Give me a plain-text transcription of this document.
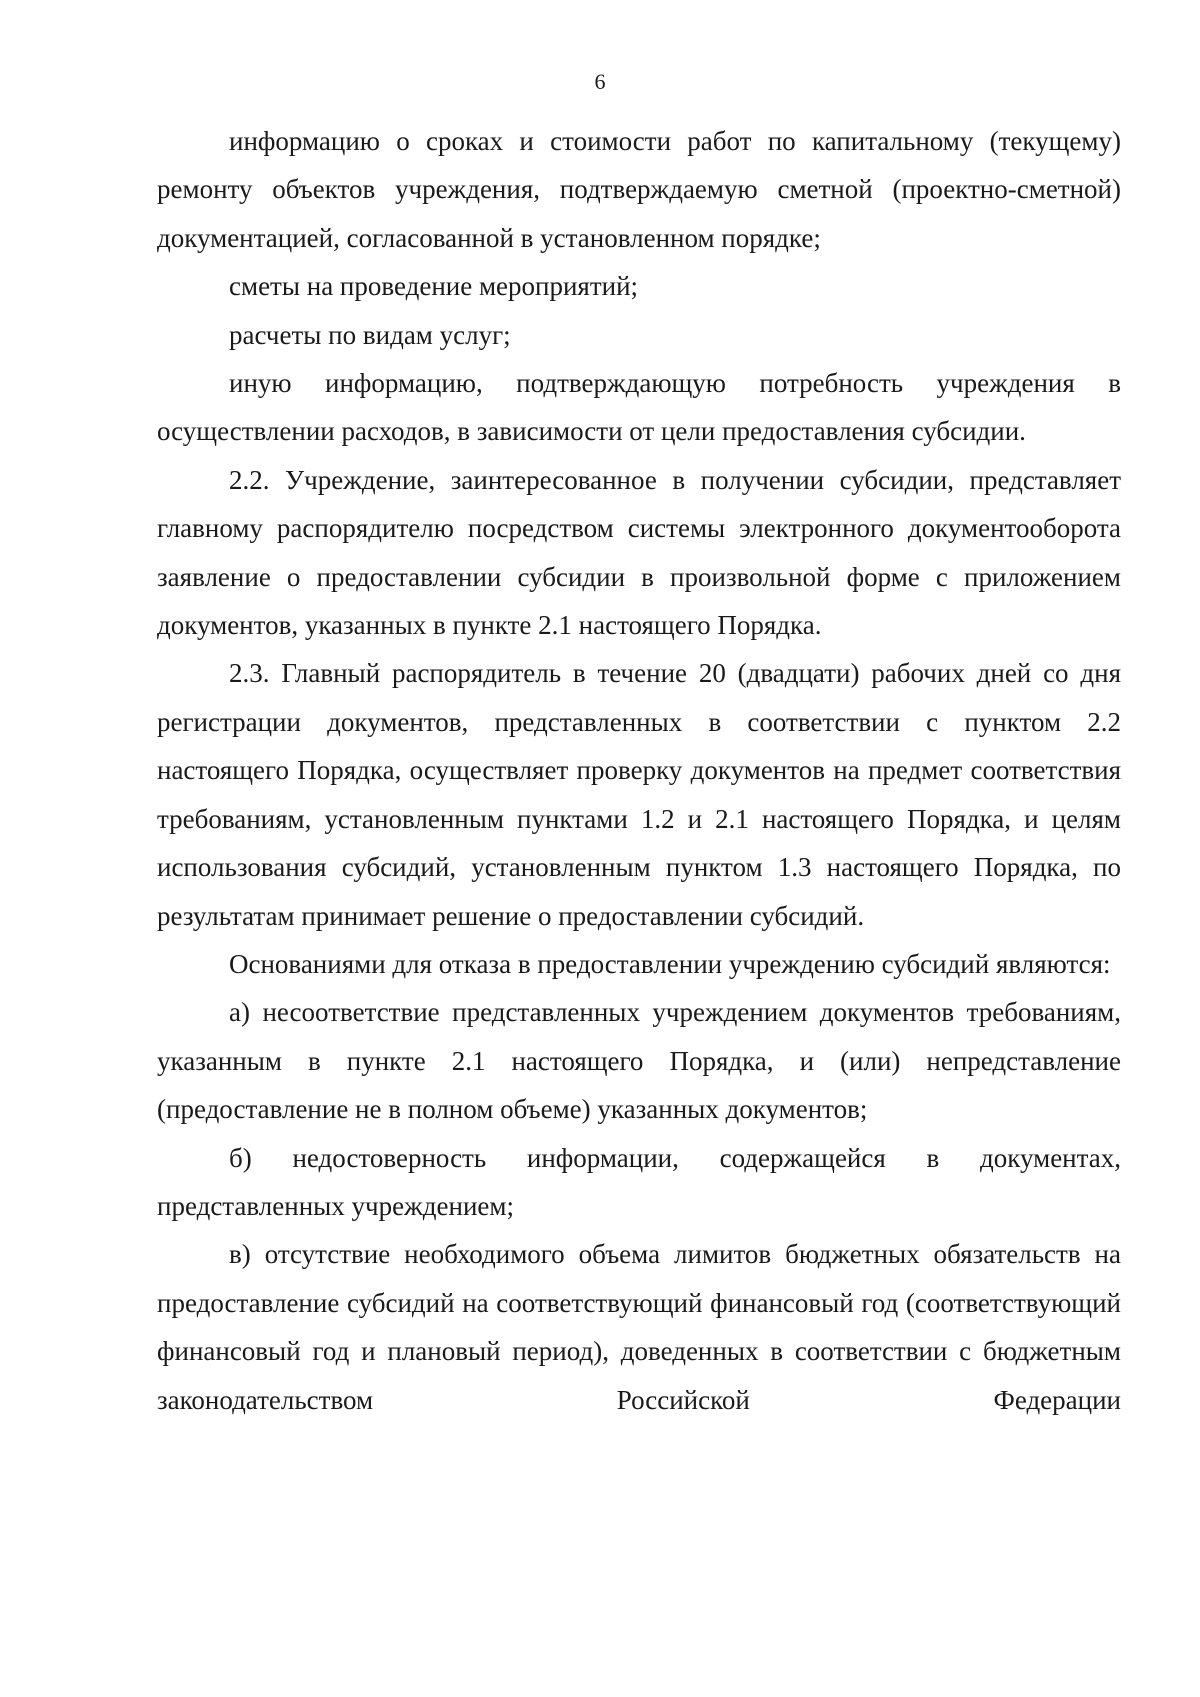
6

информацию о сроках и стоимости работ по капитальному (текущему) ремонту объектов учреждения, подтверждаемую сметной (проектно-сметной) документацией, согласованной в установленном порядке;

сметы на проведение мероприятий;

расчеты по видам услуг;

иную информацию, подтверждающую потребность учреждения в осуществлении расходов, в зависимости от цели предоставления субсидии.

2.2. Учреждение, заинтересованное в получении субсидии, представляет главному распорядителю посредством системы электронного документооборота заявление о предоставлении субсидии в произвольной форме с приложением документов, указанных в пункте 2.1 настоящего Порядка.

2.3. Главный распорядитель в течение 20 (двадцати) рабочих дней со дня регистрации документов, представленных в соответствии с пунктом 2.2 настоящего Порядка, осуществляет проверку документов на предмет соответствия требованиям, установленным пунктами 1.2 и 2.1 настоящего Порядка, и целям использования субсидий, установленным пунктом 1.3 настоящего Порядка, по результатам принимает решение о предоставлении субсидий.

Основаниями для отказа в предоставлении учреждению субсидий являются:

а) несоответствие представленных учреждением документов требованиям, указанным в пункте 2.1 настоящего Порядка, и (или) непредставление (предоставление не в полном объеме) указанных документов;

б) недостоверность информации, содержащейся в документах, представленных учреждением;

в) отсутствие необходимого объема лимитов бюджетных обязательств на предоставление субсидий на соответствующий финансовый год (соответствующий финансовый год и плановый период), доведенных в соответствии с бюджетным законодательством Российской Федерации
